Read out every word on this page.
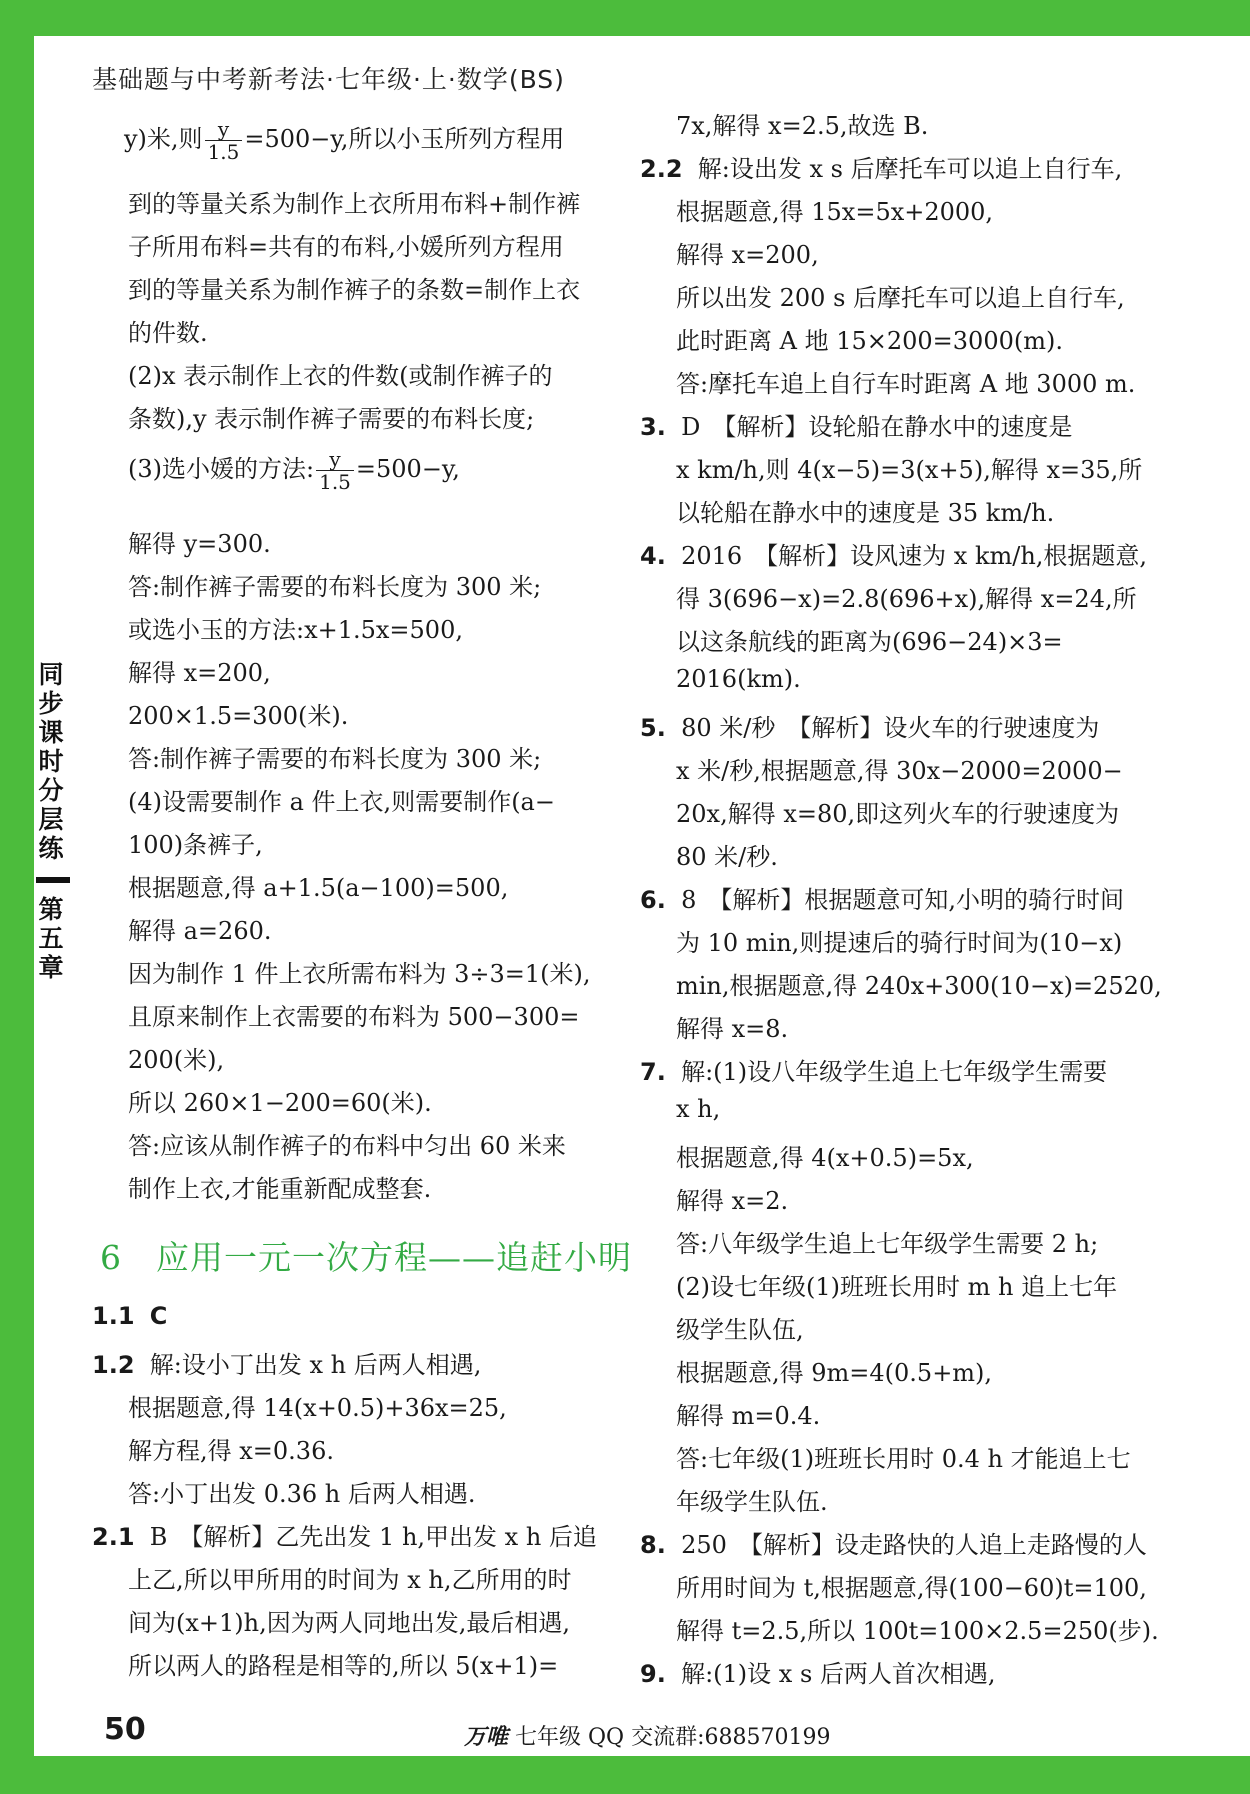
基础题与中考新考法·七年级·上·数学(BS)
同
步
课
时
分
层
练
第
五
章
y)米,则 $\frac{y}{1.5} =500-y$,所以小玉所列方程用
到的等量关系为制作上衣所用布料+制作裤
子所用布料=共有的布料,小媛所列方程用
到的等量关系为制作裤子的条数=制作上衣
的件数.
(2)x 表示制作上衣的件数(或制作裤子的
条数),y 表示制作裤子需要的布料长度;
(3)选小媛的方法: $\frac{y}{1.5} =500-y$,
解得 y=300.
答:制作裤子需要的布料长度为 300 米;
或选小玉的方法:x+1.5x=500,
解得 x=200,
200×1.5=300(米).
答:制作裤子需要的布料长度为 300 米;
(4)设需要制作 a 件上衣,则需要制作(a−
100)条裤子,
根据题意,得 a+1.5(a−100)=500,
解得 a=260.
因为制作 1 件上衣所需布料为 3÷3=1(米),
且原来制作上衣需要的布料为 500−300=
200(米),
所以 260×1−200=60(米).
答:应该从制作裤子的布料中匀出 60 米来
制作上衣,才能重新配成整套.
6　应用一元一次方程——追赶小明
1.1 C
1.2 解:设小丁出发 x h 后两人相遇,
根据题意,得 14(x+0.5)+36x=25,
解方程,得 x=0.36.
答:小丁出发 0.36 h 后两人相遇.
2.1 B　【解析】乙先出发 1 h,甲出发 x h 后追
上乙,所以甲所用的时间为 x h,乙所用的时
间为(x+1)h,因为两人同地出发,最后相遇,
所以两人的路程是相等的,所以 5(x+1)=
7x,解得 x=2.5,故选 B.
2.2 解:设出发 x s 后摩托车可以追上自行车,
根据题意,得 15x=5x+2000,
解得 x=200,
所以出发 200 s 后摩托车可以追上自行车,
此时距离 A 地 15×200=3000(m).
答:摩托车追上自行车时距离 A 地 3000 m.
3. D　【解析】设轮船在静水中的速度是
x km/h,则 4(x−5)=3(x+5),解得 x=35,所
以轮船在静水中的速度是 35 km/h.
4. 2016　【解析】设风速为 x km/h,根据题意,
得 3(696−x)=2.8(696+x),解得 x=24,所
以这条航线的距离为(696−24)×3=
2016(km).
5. 80 米/秒　【解析】设火车的行驶速度为
x 米/秒,根据题意,得 30x−2000=2000−
20x,解得 x=80,即这列火车的行驶速度为
80 米/秒.
6. 8　【解析】根据题意可知,小明的骑行时间
为 10 min,则提速后的骑行时间为(10−x)
min,根据题意,得 240x+300(10−x)=2520,
解得 x=8.
7. 解:(1)设八年级学生追上七年级学生需要
x h,
根据题意,得 4(x+0.5)=5x,
解得 x=2.
答:八年级学生追上七年级学生需要 2 h;
(2)设七年级(1)班班长用时 m h 追上七年
级学生队伍,
根据题意,得 9m=4(0.5+m),
解得 m=0.4.
答:七年级(1)班班长用时 0.4 h 才能追上七
年级学生队伍.
8. 250　【解析】设走路快的人追上走路慢的人
所用时间为 t,根据题意,得(100−60)t=100,
解得 t=2.5,所以 100t=100×2.5=250(步).
9. 解:(1)设 x s 后两人首次相遇,
50	万唯 七年级 QQ 交流群:688570199
